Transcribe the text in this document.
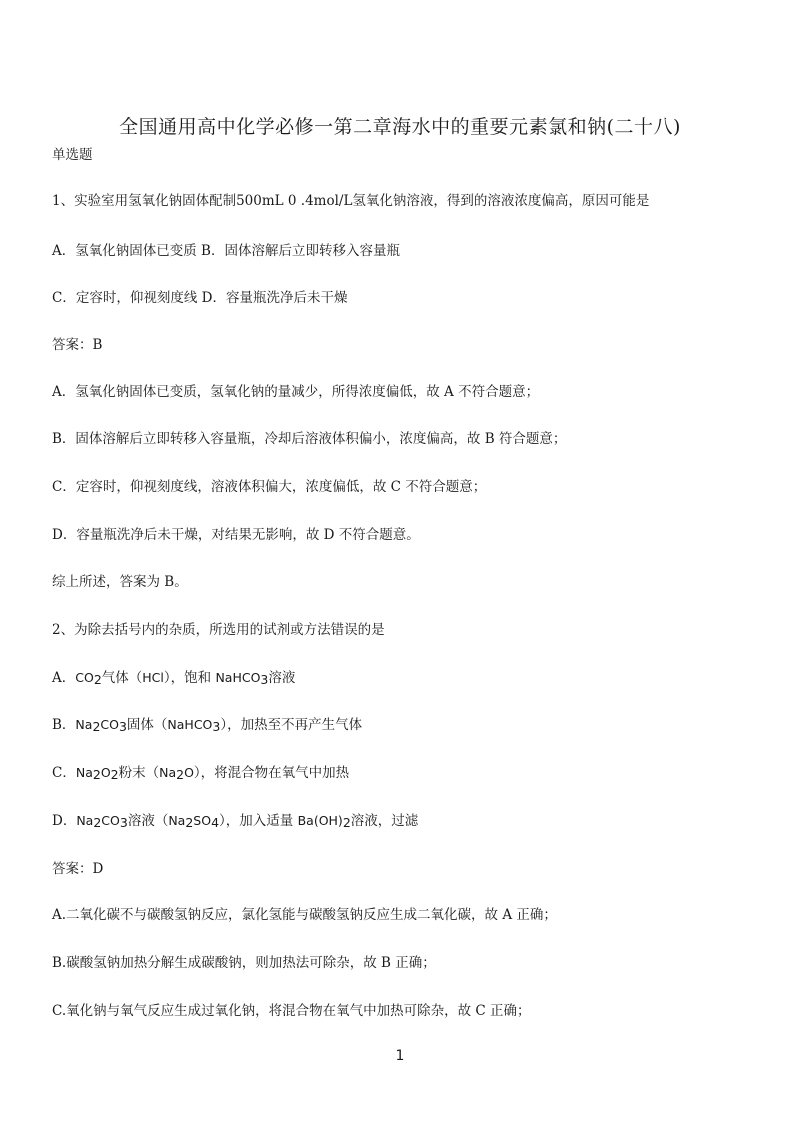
全国通用高中化学必修一第二章海水中的重要元素氯和钠(二十八)
单选题
1、实验室用氢氧化钠固体配制500mL 0 .4mol/L氢氧化钠溶液，得到的溶液浓度偏高，原因可能是
A．氢氧化钠固体已变质 B．固体溶解后立即转移入容量瓶
C．定容时，仰视刻度线 D．容量瓶洗净后未干燥
答案：B
A．氢氧化钠固体已变质，氢氧化钠的量减少，所得浓度偏低，故 A 不符合题意；
B．固体溶解后立即转移入容量瓶，冷却后溶液体积偏小，浓度偏高，故 B 符合题意；
C．定容时，仰视刻度线，溶液体积偏大，浓度偏低，故 C 不符合题意；
D．容量瓶洗净后未干燥，对结果无影响，故 D 不符合题意。
综上所述，答案为 B。
2、为除去括号内的杂质，所选用的试剂或方法错误的是
A．$CO_2$气体（HCl），饱和 NaHCO$_3$溶液
B．$Na_2CO_3$固体（NaHCO$_3$），加热至不再产生气体
C．$Na_2O_2$粉末$(Na_2O)$，将混合物在氧气中加热
D．$Na_2CO_3$溶液$(Na_2SO_4)$，加入适量 $Ba(OH)_2$溶液，过滤
答案：D
A.二氧化碳不与碳酸氢钠反应，氯化氢能与碳酸氢钠反应生成二氧化碳，故 A 正确；
B.碳酸氢钠加热分解生成碳酸钠，则加热法可除杂，故 B 正确；
C.氧化钠与氧气反应生成过氧化钠，将混合物在氧气中加热可除杂，故 C 正确；
1
